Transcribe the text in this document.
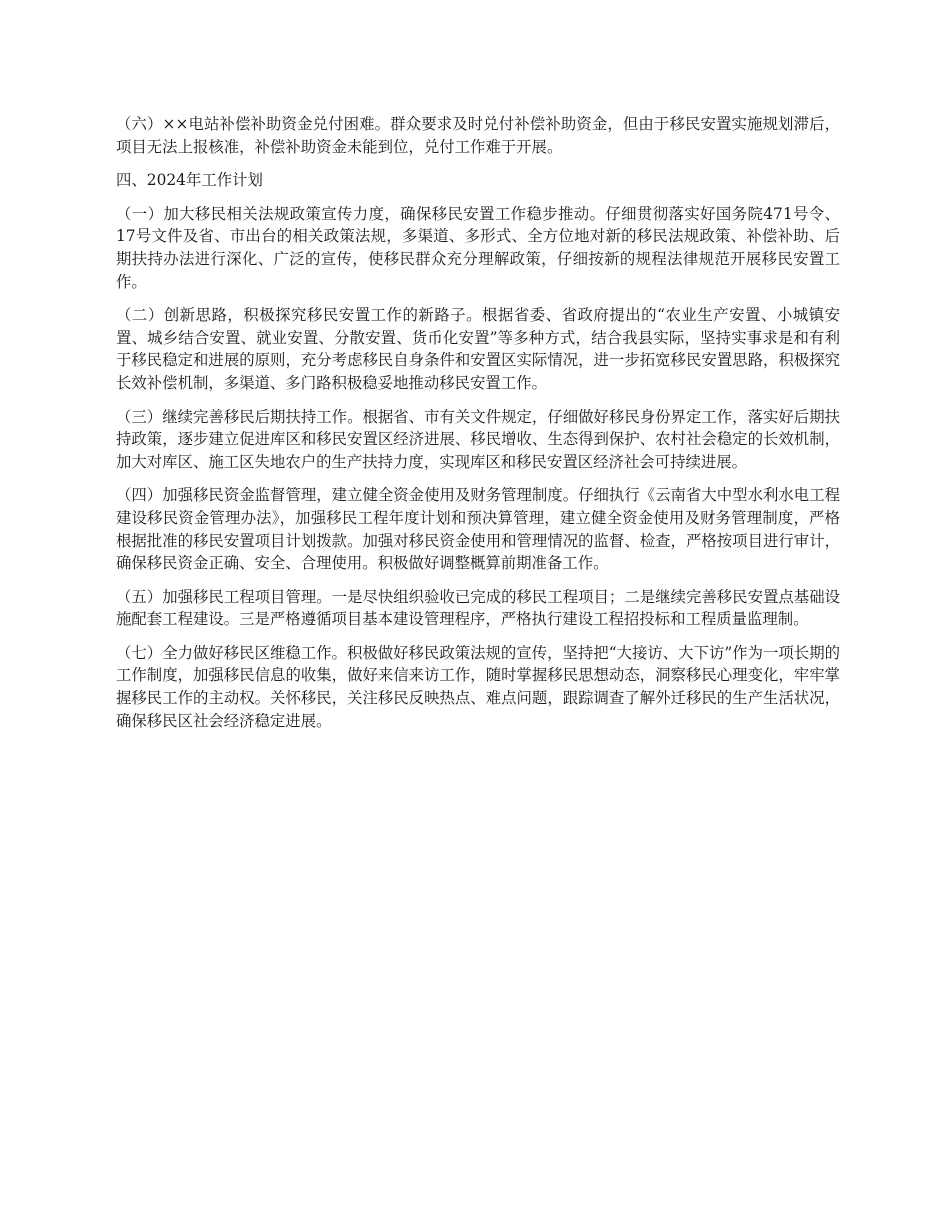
（六）××电站补偿补助资金兑付困难。群众要求及时兑付补偿补助资金，但由于移民安置实施规划滞后，项目无法上报核准，补偿补助资金未能到位，兑付工作难于开展。

四、2024年工作计划

（一）加大移民相关法规政策宣传力度，确保移民安置工作稳步推动。仔细贯彻落实好国务院471号令、17号文件及省、市出台的相关政策法规，多渠道、多形式、全方位地对新的移民法规政策、补偿补助、后期扶持办法进行深化、广泛的宣传，使移民群众充分理解政策，仔细按新的规程法律规范开展移民安置工作。

（二）创新思路，积极探究移民安置工作的新路子。根据省委、省政府提出的“农业生产安置、小城镇安置、城乡结合安置、就业安置、分散安置、货币化安置”等多种方式，结合我县实际，坚持实事求是和有利于移民稳定和进展的原则，充分考虑移民自身条件和安置区实际情况，进一步拓宽移民安置思路，积极探究长效补偿机制，多渠道、多门路积极稳妥地推动移民安置工作。

（三）继续完善移民后期扶持工作。根据省、市有关文件规定，仔细做好移民身份界定工作，落实好后期扶持政策，逐步建立促进库区和移民安置区经济进展、移民增收、生态得到保护、农村社会稳定的长效机制，加大对库区、施工区失地农户的生产扶持力度，实现库区和移民安置区经济社会可持续进展。

（四）加强移民资金监督管理，建立健全资金使用及财务管理制度。仔细执行《云南省大中型水利水电工程建设移民资金管理办法》，加强移民工程年度计划和预决算管理，建立健全资金使用及财务管理制度，严格根据批准的移民安置项目计划拨款。加强对移民资金使用和管理情况的监督、检查，严格按项目进行审计，确保移民资金正确、安全、合理使用。积极做好调整概算前期准备工作。

（五）加强移民工程项目管理。一是尽快组织验收已完成的移民工程项目；二是继续完善移民安置点基础设施配套工程建设。三是严格遵循项目基本建设管理程序，严格执行建设工程招投标和工程质量监理制。

（七）全力做好移民区维稳工作。积极做好移民政策法规的宣传，坚持把“大接访、大下访”作为一项长期的工作制度，加强移民信息的收集，做好来信来访工作，随时掌握移民思想动态，洞察移民心理变化，牢牢掌握移民工作的主动权。关怀移民，关注移民反映热点、难点问题，跟踪调查了解外迁移民的生产生活状况，确保移民区社会经济稳定进展。
